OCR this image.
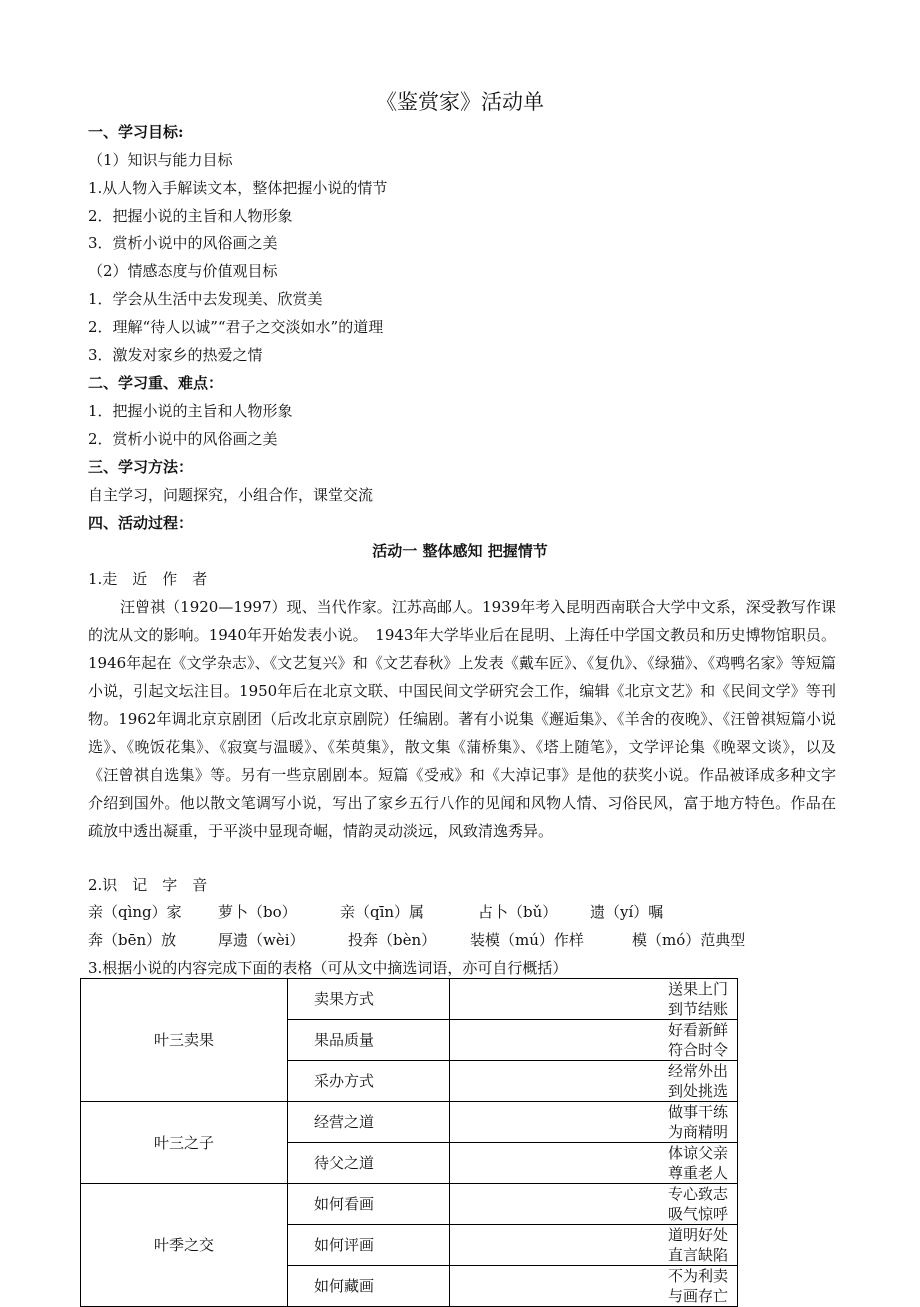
《鉴赏家》活动单
一、学习目标:
（1）知识与能力目标
1.从人物入手解读文本，整体把握小说的情节
2．把握小说的主旨和人物形象
3．赏析小说中的风俗画之美
（2）情感态度与价值观目标
1．学会从生活中去发现美、欣赏美
2．理解“待人以诚”“君子之交淡如水”的道理
3．激发对家乡的热爱之情
二、学习重、难点：
1．把握小说的主旨和人物形象
2．赏析小说中的风俗画之美
三、学习方法：
自主学习，问题探究，小组合作，课堂交流
四、活动过程：
活动一 整体感知 把握情节
1.走　近　作　者
汪曾祺（1920—1997）现、当代作家。江苏高邮人。1939年考入昆明西南联合大学中文系，深受教写作课的沈从文的影响。1940年开始发表小说。　1943年大学毕业后在昆明、上海任中学国文教员和历史博物馆职员。1946年起在《文学杂志》、《文艺复兴》和《文艺春秋》上发表《戴车匠》、《复仇》、《绿猫》、《鸡鸭名家》等短篇小说，引起文坛注目。1950年后在北京文联、中国民间文学研究会工作，编辑《北京文艺》和《民间文学》等刊物。1962年调北京京剧团（后改北京京剧院）任编剧。著有小说集《邂逅集》、《羊舍的夜晚》、《汪曾祺短篇小说选》、《晚饭花集》、《寂寞与温暖》、《茱萸集》，散文集《蒲桥集》、《塔上随笔》，文学评论集《晚翠文谈》，以及《汪曾祺自选集》等。另有一些京剧剧本。短篇《受戒》和《大淖记事》是他的获奖小说。作品被译成多种文字介绍到国外。他以散文笔调写小说，写出了家乡五行八作的见闻和风物人情、习俗民风，富于地方特色。作品在疏放中透出凝重，于平淡中显现奇崛，情韵灵动淡远，风致清逸秀异。
2.识　记　字　音
亲（qìng）家 萝卜（bo）	亲（qīn）属	占卜（bǔ） 遗（yí）嘱
奔（bēn）放	厚遗（wèi）	投奔（bèn） 装模（mú）作样	模（mó）范典型
3.根据小说的内容完成下面的表格（可从文中摘选词语，亦可自行概括）
叶三卖果	卖果方式	送果上门　到节结账
	果品质量	好看新鲜　符合时令
	采办方式	经常外出　到处挑选
叶三之子	经营之道	做事干练　为商精明
	待父之道	体谅父亲　尊重老人
叶季之交	如何看画	专心致志　吸气惊呼
	如何评画	道明好处　直言缺陷
	如何藏画	不为利卖　与画存亡
